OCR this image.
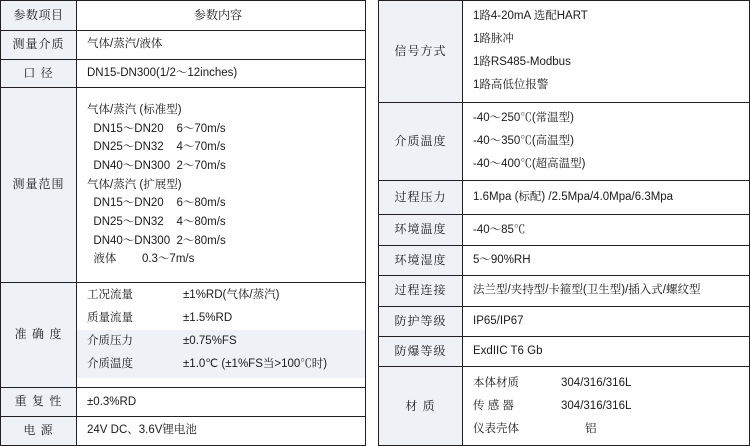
参数项目	参数内容
测量介质	气体/蒸汽/液体
口 径	DN15-DN300(1/2～12inches)
测量范围	
气体/蒸汽 (标准型)
DN15～DN20    6～70m/s
DN25～DN32    4～70m/s
DN40～DN300  2～70m/s
气体/蒸汽 (扩展型)
DN15～DN20    6～80m/s
DN25～DN32    4～80m/s
DN40～DN300  2～80m/s
液体        0.3～7m/s

准 确 度	
工况流量	±1%RD(气体/蒸汽)
质量流量	±1.5%RD
介质压力	±0.75%FS
介质温度	±1.0℃ (±1%FS当>100℃时)

重 复 性	±0.3%RD
电 源	24V DC、3.6V锂电池
信号方式	1路4-20mA 选配HART
1路脉冲
1路RS485-Modbus
1路高低位报警

介质温度	-40～250℃(常温型)
-40～350℃(高温型)
-40～400℃(超高温型)

过程压力	1.6Mpa (标配) /2.5Mpa/4.0Mpa/6.3Mpa
环境温度	-40～85℃
环境湿度	5～90%RH
过程连接	法兰型/夹持型/卡箍型(卫生型)/插入式/螺纹型
防护等级	IP65/IP67
防爆等级	ExdIIC T6 Gb
材 质	
本体材质	304/316/316L
传 感 器	304/316/316L
仪表壳体	铝
